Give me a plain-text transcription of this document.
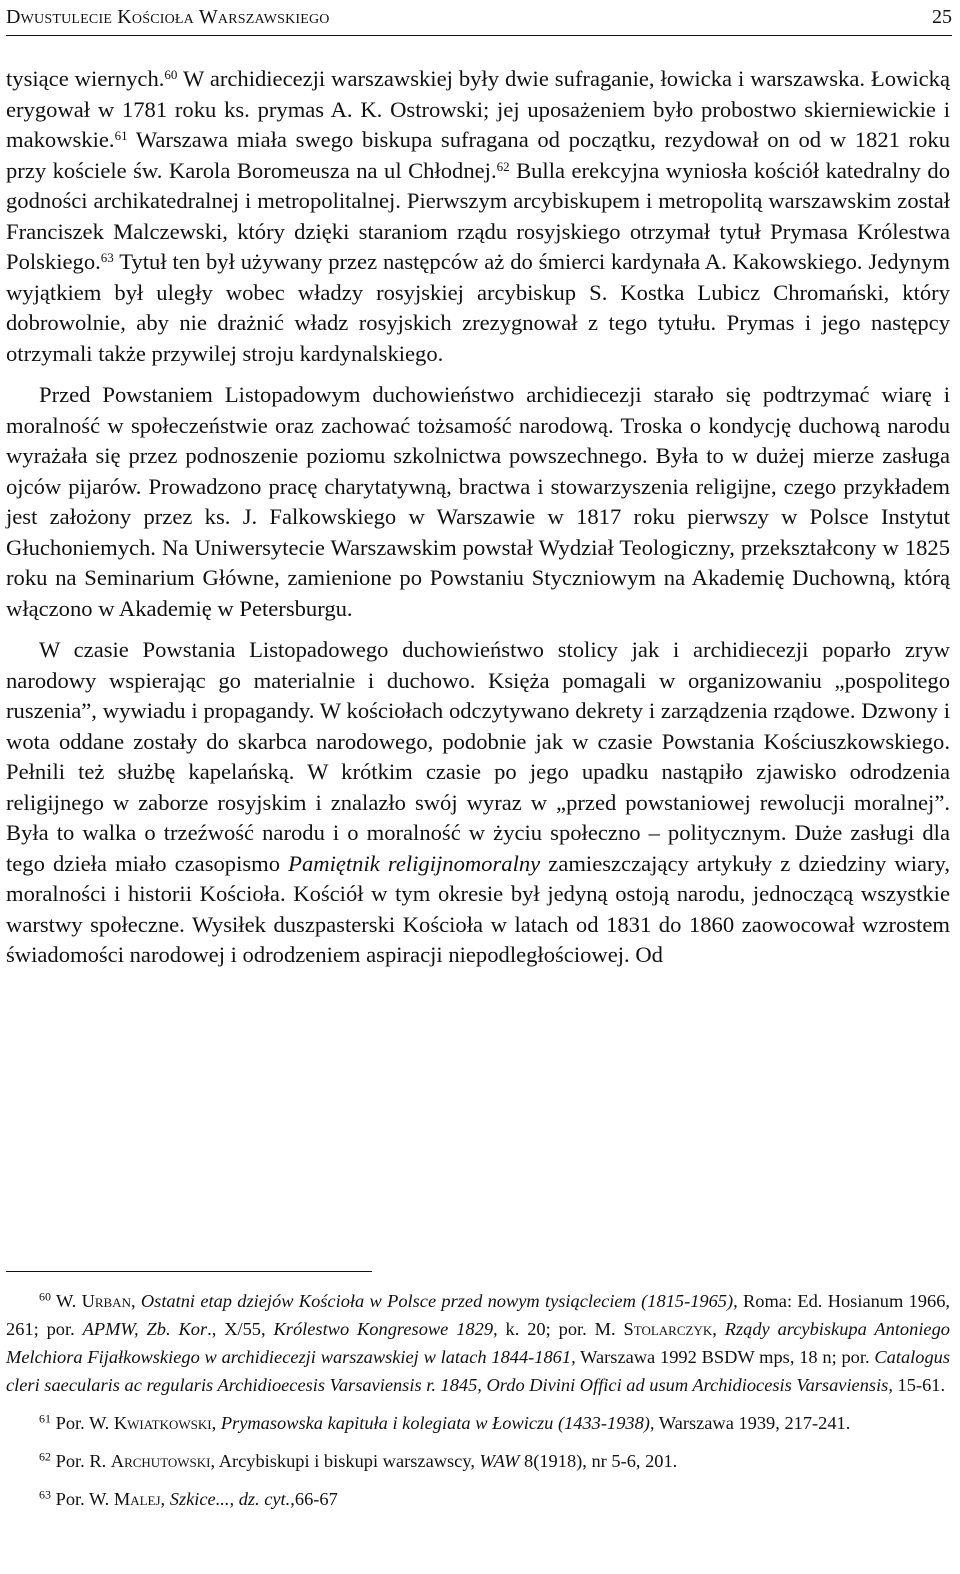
Dwustulecie Kościoła Warszawskiego	25

tysiące wiernych.$^{60}$ W archidiecezji warszawskiej były dwie sufraganie, łowicka i warszawska. Łowicką erygował w 1781 roku ks. prymas A. K. Ostrowski; jej uposażeniem było probostwo skierniewickie i makowskie.$^{61}$ Warszawa miała swego biskupa sufragana od początku, rezydował on od w 1821 roku przy kościele św. Karola Boromeusza na ul Chłodnej.$^{62}$ Bulla erekcyjna wyniosła kościół katedralny do godności archikatedralnej i metropolitalnej. Pierwszym arcybiskupem i metropolitą warszawskim został Franciszek Malczewski, który dzięki staraniom rządu rosyjskiego otrzymał tytuł Prymasa Królestwa Polskiego.$^{63}$ Tytuł ten był używany przez następców aż do śmierci kardynała A. Kakowskiego. Jedynym wyjątkiem był uległy wobec władzy rosyjskiej arcybiskup S. Kostka Lubicz Chromański, który dobrowolnie, aby nie drażnić władz rosyjskich zrezygnował z tego tytułu. Prymas i jego następcy otrzymali także przywilej stroju kardynalskiego.

Przed Powstaniem Listopadowym duchowieństwo archidiecezji starało się podtrzymać wiarę i moralność w społeczeństwie oraz zachować tożsamość narodową. Troska o kondycję duchową narodu wyrażała się przez podnoszenie poziomu szkolnictwa powszechnego. Była to w dużej mierze zasługa ojców pijarów. Prowadzono pracę charytatywną, bractwa i stowarzyszenia religijne, czego przykładem jest założony przez ks. J. Falkowskiego w Warszawie w 1817 roku pierwszy w Polsce Instytut Głuchoniemych. Na Uniwersytecie Warszawskim powstał Wydział Teologiczny, przekształcony w 1825 roku na Seminarium Główne, zamienione po Powstaniu Styczniowym na Akademię Duchowną, którą włączono w Akademię w Petersburgu.

W czasie Powstania Listopadowego duchowieństwo stolicy jak i archidiecezji poparło zryw narodowy wspierając go materialnie i duchowo. Księża pomagali w organizowaniu „pospolitego ruszenia”, wywiadu i propagandy. W kościołach odczytywano dekrety i zarządzenia rządowe. Dzwony i wota oddane zostały do skarbca narodowego, podobnie jak w czasie Powstania Kościuszkowskiego. Pełnili też służbę kapelańską. W krótkim czasie po jego upadku nastąpiło zjawisko odrodzenia religijnego w zaborze rosyjskim i znalazło swój wyraz w „przed powstaniowej rewolucji moralnej”. Była to walka o trzeźwość narodu i o moralność w życiu społeczno – politycznym. Duże zasługi dla tego dzieła miało czasopismo Pamiętnik religijnomoralny zamieszczający artykuły z dziedziny wiary, moralności i historii Kościoła. Kościół w tym okresie był jedyną ostoją narodu, jednoczącą wszystkie warstwy społeczne. Wysiłek duszpasterski Kościoła w latach od 1831 do 1860 zaowocował wzrostem świadomości narodowej i odrodzeniem aspiracji niepodległościowej. Od

$^{60}$ W. Urban, Ostatni etap dziejów Kościoła w Polsce przed nowym tysiącleciem (1815-1965), Roma: Ed. Hosianum 1966, 261; por. APMW, Zb. Kor., X/55, Królestwo Kongresowe 1829, k. 20; por. M. Stolarczyk, Rządy arcybiskupa Antoniego Melchiora Fijałkowskiego w archidiecezji warszawskiej w latach 1844-1861, Warszawa 1992 BSDW mps, 18 n; por. Catalogus cleri saecularis ac regularis Archidioecesis Varsaviensis r. 1845, Ordo Divini Offici ad usum Archidiocesis Varsaviensis, 15-61.

$^{61}$ Por. W. Kwiatkowski, Prymasowska kapituła i kolegiata w Łowiczu (1433-1938), Warszawa 1939, 217-241.

$^{62}$ Por. R. Archutowski, Arcybiskupi i biskupi warszawscy, WAW 8(1918), nr 5-6, 201.

$^{63}$ Por. W. Malej, Szkice..., dz. cyt.,66-67
